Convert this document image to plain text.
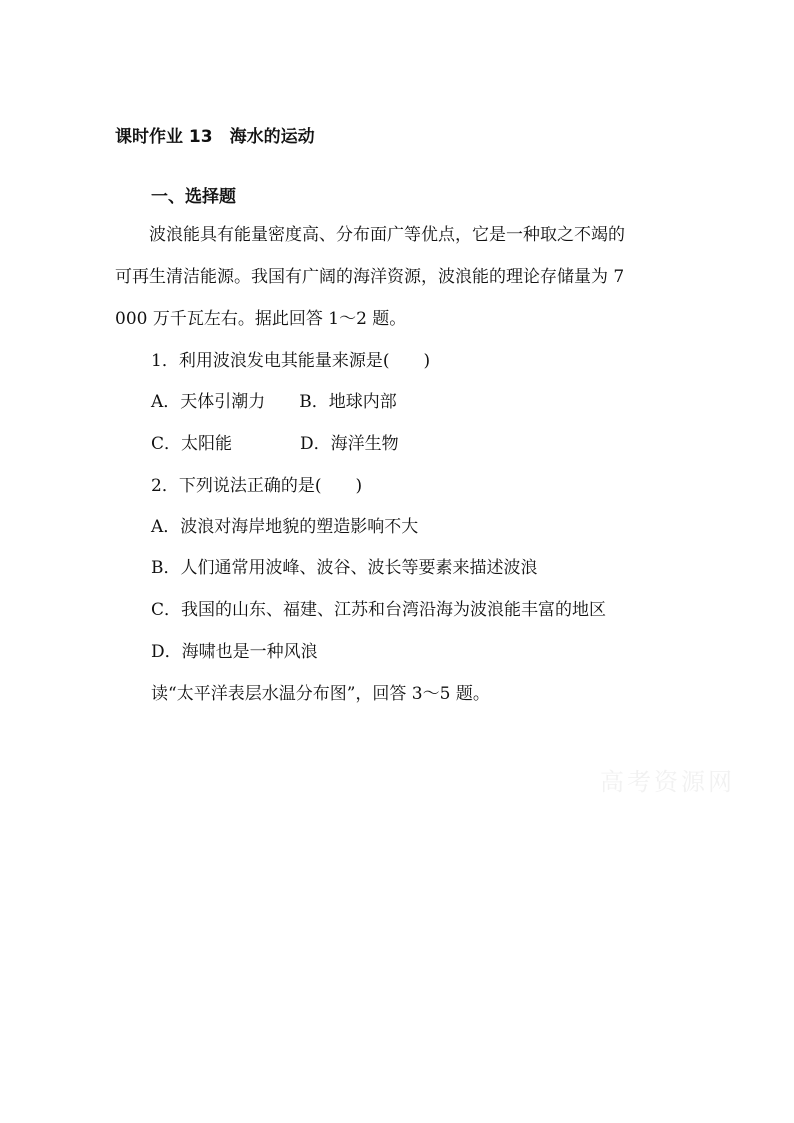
课时作业 13　海水的运动
一、选择题
　　波浪能具有能量密度高、分布面广等优点，它是一种取之不竭的
可再生清洁能源。我国有广阔的海洋资源，波浪能的理论存储量为 7
000 万千瓦左右。据此回答 1～2 题。
1．利用波浪发电其能量来源是(　　)
A．天体引潮力　　B．地球内部
C．太阳能　　　　D．海洋生物
2．下列说法正确的是(　　)
A．波浪对海岸地貌的塑造影响不大
B．人们通常用波峰、波谷、波长等要素来描述波浪
C．我国的山东、福建、江苏和台湾沿海为波浪能丰富的地区
D．海啸也是一种风浪
读“太平洋表层水温分布图”，回答 3～5 题。
高考资源网
